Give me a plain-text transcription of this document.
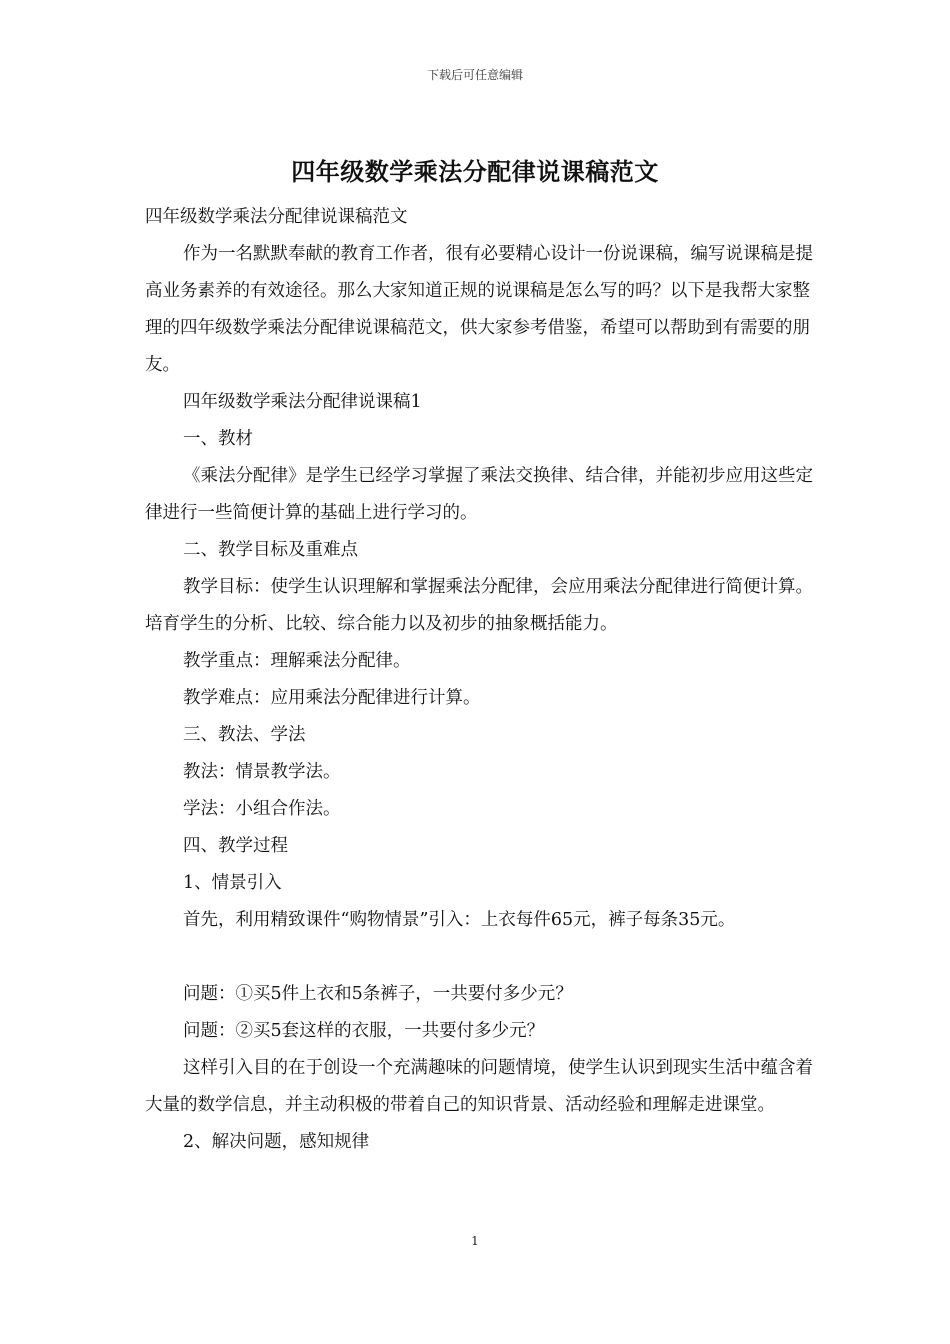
下载后可任意编辑
四年级数学乘法分配律说课稿范文

四年级数学乘法分配律说课稿范文

作为一名默默奉献的教育工作者，很有必要精心设计一份说课稿，编写说课稿是提高业务素养的有效途径。那么大家知道正规的说课稿是怎么写的吗？以下是我帮大家整理的四年级数学乘法分配律说课稿范文，供大家参考借鉴，希望可以帮助到有需要的朋友。

四年级数学乘法分配律说课稿1

一、教材

《乘法分配律》是学生已经学习掌握了乘法交换律、结合律，并能初步应用这些定律进行一些简便计算的基础上进行学习的。

二、教学目标及重难点

教学目标：使学生认识理解和掌握乘法分配律，会应用乘法分配律进行简便计算。培育学生的分析、比较、综合能力以及初步的抽象概括能力。

教学重点：理解乘法分配律。

教学难点：应用乘法分配律进行计算。

三、教法、学法

教法：情景教学法。

学法：小组合作法。

四、教学过程

1、情景引入

首先，利用精致课件“购物情景”引入：上衣每件65元，裤子每条35元。

问题：①买5件上衣和5条裤子，一共要付多少元？

问题：②买5套这样的衣服，一共要付多少元？

这样引入目的在于创设一个充满趣味的问题情境，使学生认识到现实生活中蕴含着大量的数学信息，并主动积极的带着自己的知识背景、活动经验和理解走进课堂。

2、解决问题，感知规律

1
